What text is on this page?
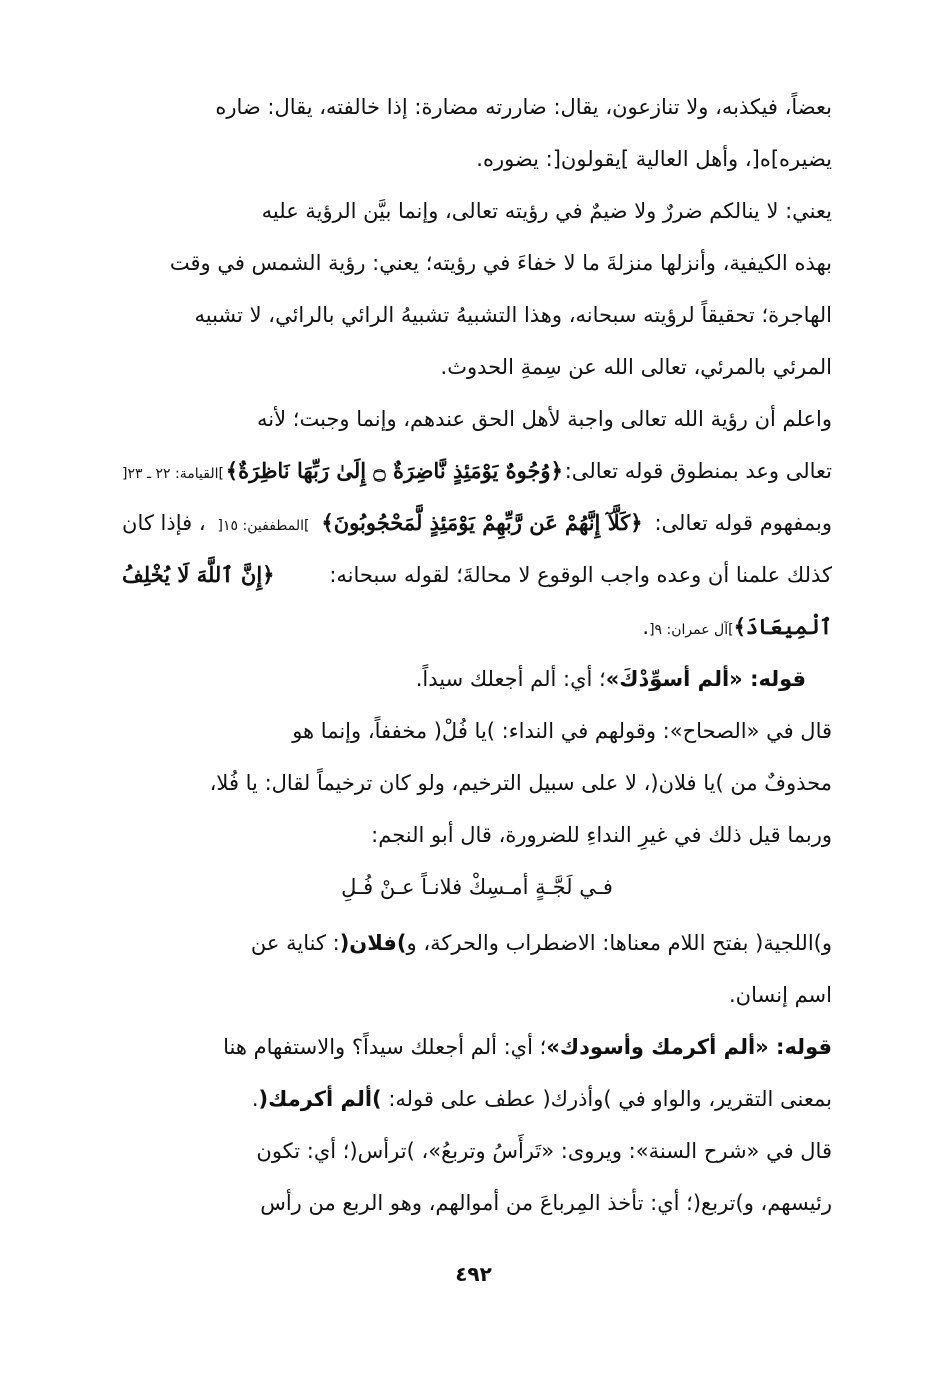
بعضاً، فيكذبه، ولا تنازعون، يقال: ضاررته مضارة: إذا خالفته، يقال: ضاره
يضيره]ه[، وأهل العالية ]يقولون[: يضوره.
يعني: لا ينالكم ضررٌ ولا ضيمٌ في رؤيته تعالى، وإنما بيَّن الرؤية عليه
بهذه الكيفية، وأنزلها منزلةَ ما لا خفاءَ في رؤيته؛ يعني: رؤية الشمس في وقت
الهاجرة؛ تحقيقاً لرؤيته سبحانه، وهذا التشبيهُ تشبيهُ الرائي بالرائي، لا تشبيه
المرئي بالمرئي، تعالى الله عن سِمةِ الحدوث.
واعلم أن رؤية الله تعالى واجبة لأهل الحق عندهم، وإنما وجبت؛ لأنه
تعالى وعد بمنطوق قوله تعالى:
﴿وُجُوهٌ يَوْمَئِذٍ نَّاضِرَةٌ ۝ إِلَىٰ رَبِّهَا نَاظِرَةٌ﴾
]القيامة: ٢٢ ـ ٢٣[
وبمفهوم قوله تعالى:
﴿كَلَّآ إِنَّهُمْ عَن رَّبِّهِمْ يَوْمَئِذٍ لَّمَحْجُوبُونَ﴾
]المطففين: ١٥[
، فإذا كان
كذلك علمنا أن وعده واجب الوقوع لا محالةَ؛ لقوله سبحانه:
﴿إِنَّ ٱللَّهَ لَا يُخْلِفُ
ٱلْمِيعَادَ﴾
]آل عمران: ٩[
.
قوله: «ألم أسوِّدْكَ»؛ أي: ألم أجعلك سيداً.
قال في «الصحاح»: وقولهم في النداء: )يا فُلْ( مخففاً، وإنما هو
محذوفٌ من )يا فلان(، لا على سبيل الترخيم، ولو كان ترخيماً لقال: يا فُلا،
وربما قيل ذلك في غيرِ النداءِ للضرورة، قال أبو النجم:
فـي لَجَّـةٍ أمـسِكْ فلانـاً عـنْ فُـلِ
و)اللجية( بفتح اللام معناها: الاضطراب والحركة، و)فلان(: كناية عن
اسم إنسان.
قوله: «ألم أكرمك وأسودك»؛ أي: ألم أجعلك سيداً؟ والاستفهام هنا
بمعنى التقرير، والواو في )وأذرك( عطف على قوله: )ألم أكرمك(.
قال في «شرح السنة»: ويروى: «تَرأَسُ وتربعُ»، )ترأس(؛ أي: تكون
رئيسهم، و)تربع(؛ أي: تأخذ المِرباعَ من أموالهم، وهو الربع من رأس
٤٩٢
